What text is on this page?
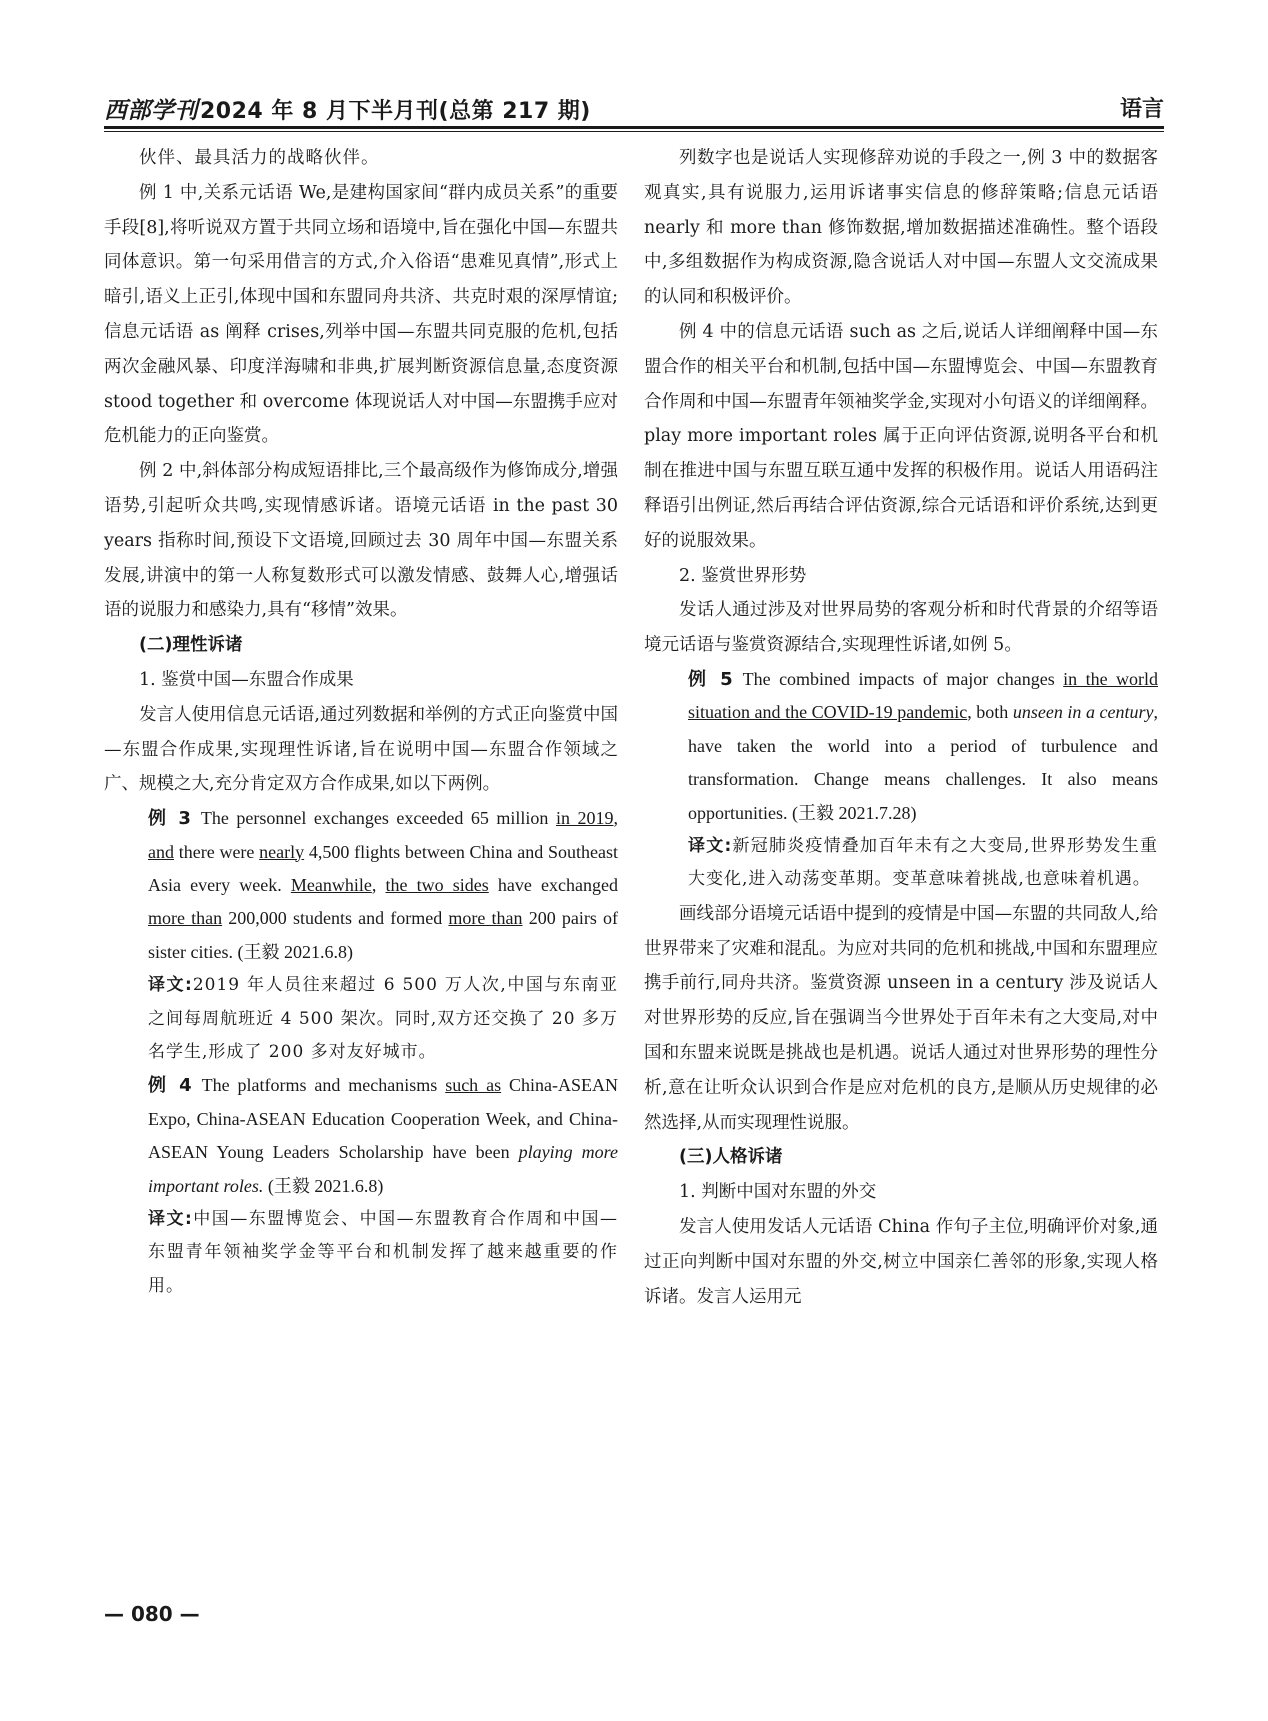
西部学刊2024 年 8 月下半月刊(总第 217 期)	语言

伙伴、最具活力的战略伙伴。

例 1 中,关系元话语 We,是建构国家间“群内成员关系”的重要手段[8],将听说双方置于共同立场和语境中,旨在强化中国—东盟共同体意识。第一句采用借言的方式,介入俗语“患难见真情”,形式上暗引,语义上正引,体现中国和东盟同舟共济、共克时艰的深厚情谊;信息元话语 as 阐释 crises,列举中国—东盟共同克服的危机,包括两次金融风暴、印度洋海啸和非典,扩展判断资源信息量,态度资源 stood together 和 overcome 体现说话人对中国—东盟携手应对危机能力的正向鉴赏。

例 2 中,斜体部分构成短语排比,三个最高级作为修饰成分,增强语势,引起听众共鸣,实现情感诉诸。语境元话语 in the past 30 years 指称时间,预设下文语境,回顾过去 30 周年中国—东盟关系发展,讲演中的第一人称复数形式可以激发情感、鼓舞人心,增强话语的说服力和感染力,具有“移情”效果。

(二)理性诉诸

1. 鉴赏中国—东盟合作成果

发言人使用信息元话语,通过列数据和举例的方式正向鉴赏中国—东盟合作成果,实现理性诉诸,旨在说明中国—东盟合作领域之广、规模之大,充分肯定双方合作成果,如以下两例。

例 3 The personnel exchanges exceeded 65 million in 2019, and there were nearly 4,500 flights between China and Southeast Asia every week. Meanwhile, the two sides have exchanged more than 200,000 students and formed more than 200 pairs of sister cities. (王毅 2021.6.8)

译文:2019 年人员往来超过 6 500 万人次,中国与东南亚之间每周航班近 4 500 架次。同时,双方还交换了 20 多万名学生,形成了 200 多对友好城市。

例 4 The platforms and mechanisms such as China-ASEAN Expo, China-ASEAN Education Cooperation Week, and China-ASEAN Young Leaders Scholarship have been playing more important roles. (王毅 2021.6.8)

译文:中国—东盟博览会、中国—东盟教育合作周和中国—东盟青年领袖奖学金等平台和机制发挥了越来越重要的作用。

列数字也是说话人实现修辞劝说的手段之一,例 3 中的数据客观真实,具有说服力,运用诉诸事实信息的修辞策略;信息元话语 nearly 和 more than 修饰数据,增加数据描述准确性。整个语段中,多组数据作为构成资源,隐含说话人对中国—东盟人文交流成果的认同和积极评价。

例 4 中的信息元话语 such as 之后,说话人详细阐释中国—东盟合作的相关平台和机制,包括中国—东盟博览会、中国—东盟教育合作周和中国—东盟青年领袖奖学金,实现对小句语义的详细阐释。play more important roles 属于正向评估资源,说明各平台和机制在推进中国与东盟互联互通中发挥的积极作用。说话人用语码注释语引出例证,然后再结合评估资源,综合元话语和评价系统,达到更好的说服效果。

2. 鉴赏世界形势

发话人通过涉及对世界局势的客观分析和时代背景的介绍等语境元话语与鉴赏资源结合,实现理性诉诸,如例 5。

例 5 The combined impacts of major changes in the world situation and the COVID-19 pandemic, both unseen in a century, have taken the world into a period of turbulence and transformation. Change means challenges. It also means opportunities. (王毅 2021.7.28)

译文:新冠肺炎疫情叠加百年未有之大变局,世界形势发生重大变化,进入动荡变革期。变革意味着挑战,也意味着机遇。

画线部分语境元话语中提到的疫情是中国—东盟的共同敌人,给世界带来了灾难和混乱。为应对共同的危机和挑战,中国和东盟理应携手前行,同舟共济。鉴赏资源 unseen in a century 涉及说话人对世界形势的反应,旨在强调当今世界处于百年未有之大变局,对中国和东盟来说既是挑战也是机遇。说话人通过对世界形势的理性分析,意在让听众认识到合作是应对危机的良方,是顺从历史规律的必然选择,从而实现理性说服。

(三)人格诉诸

1. 判断中国对东盟的外交

发言人使用发话人元话语 China 作句子主位,明确评价对象,通过正向判断中国对东盟的外交,树立中国亲仁善邻的形象,实现人格诉诸。发言人运用元

— 080 —
